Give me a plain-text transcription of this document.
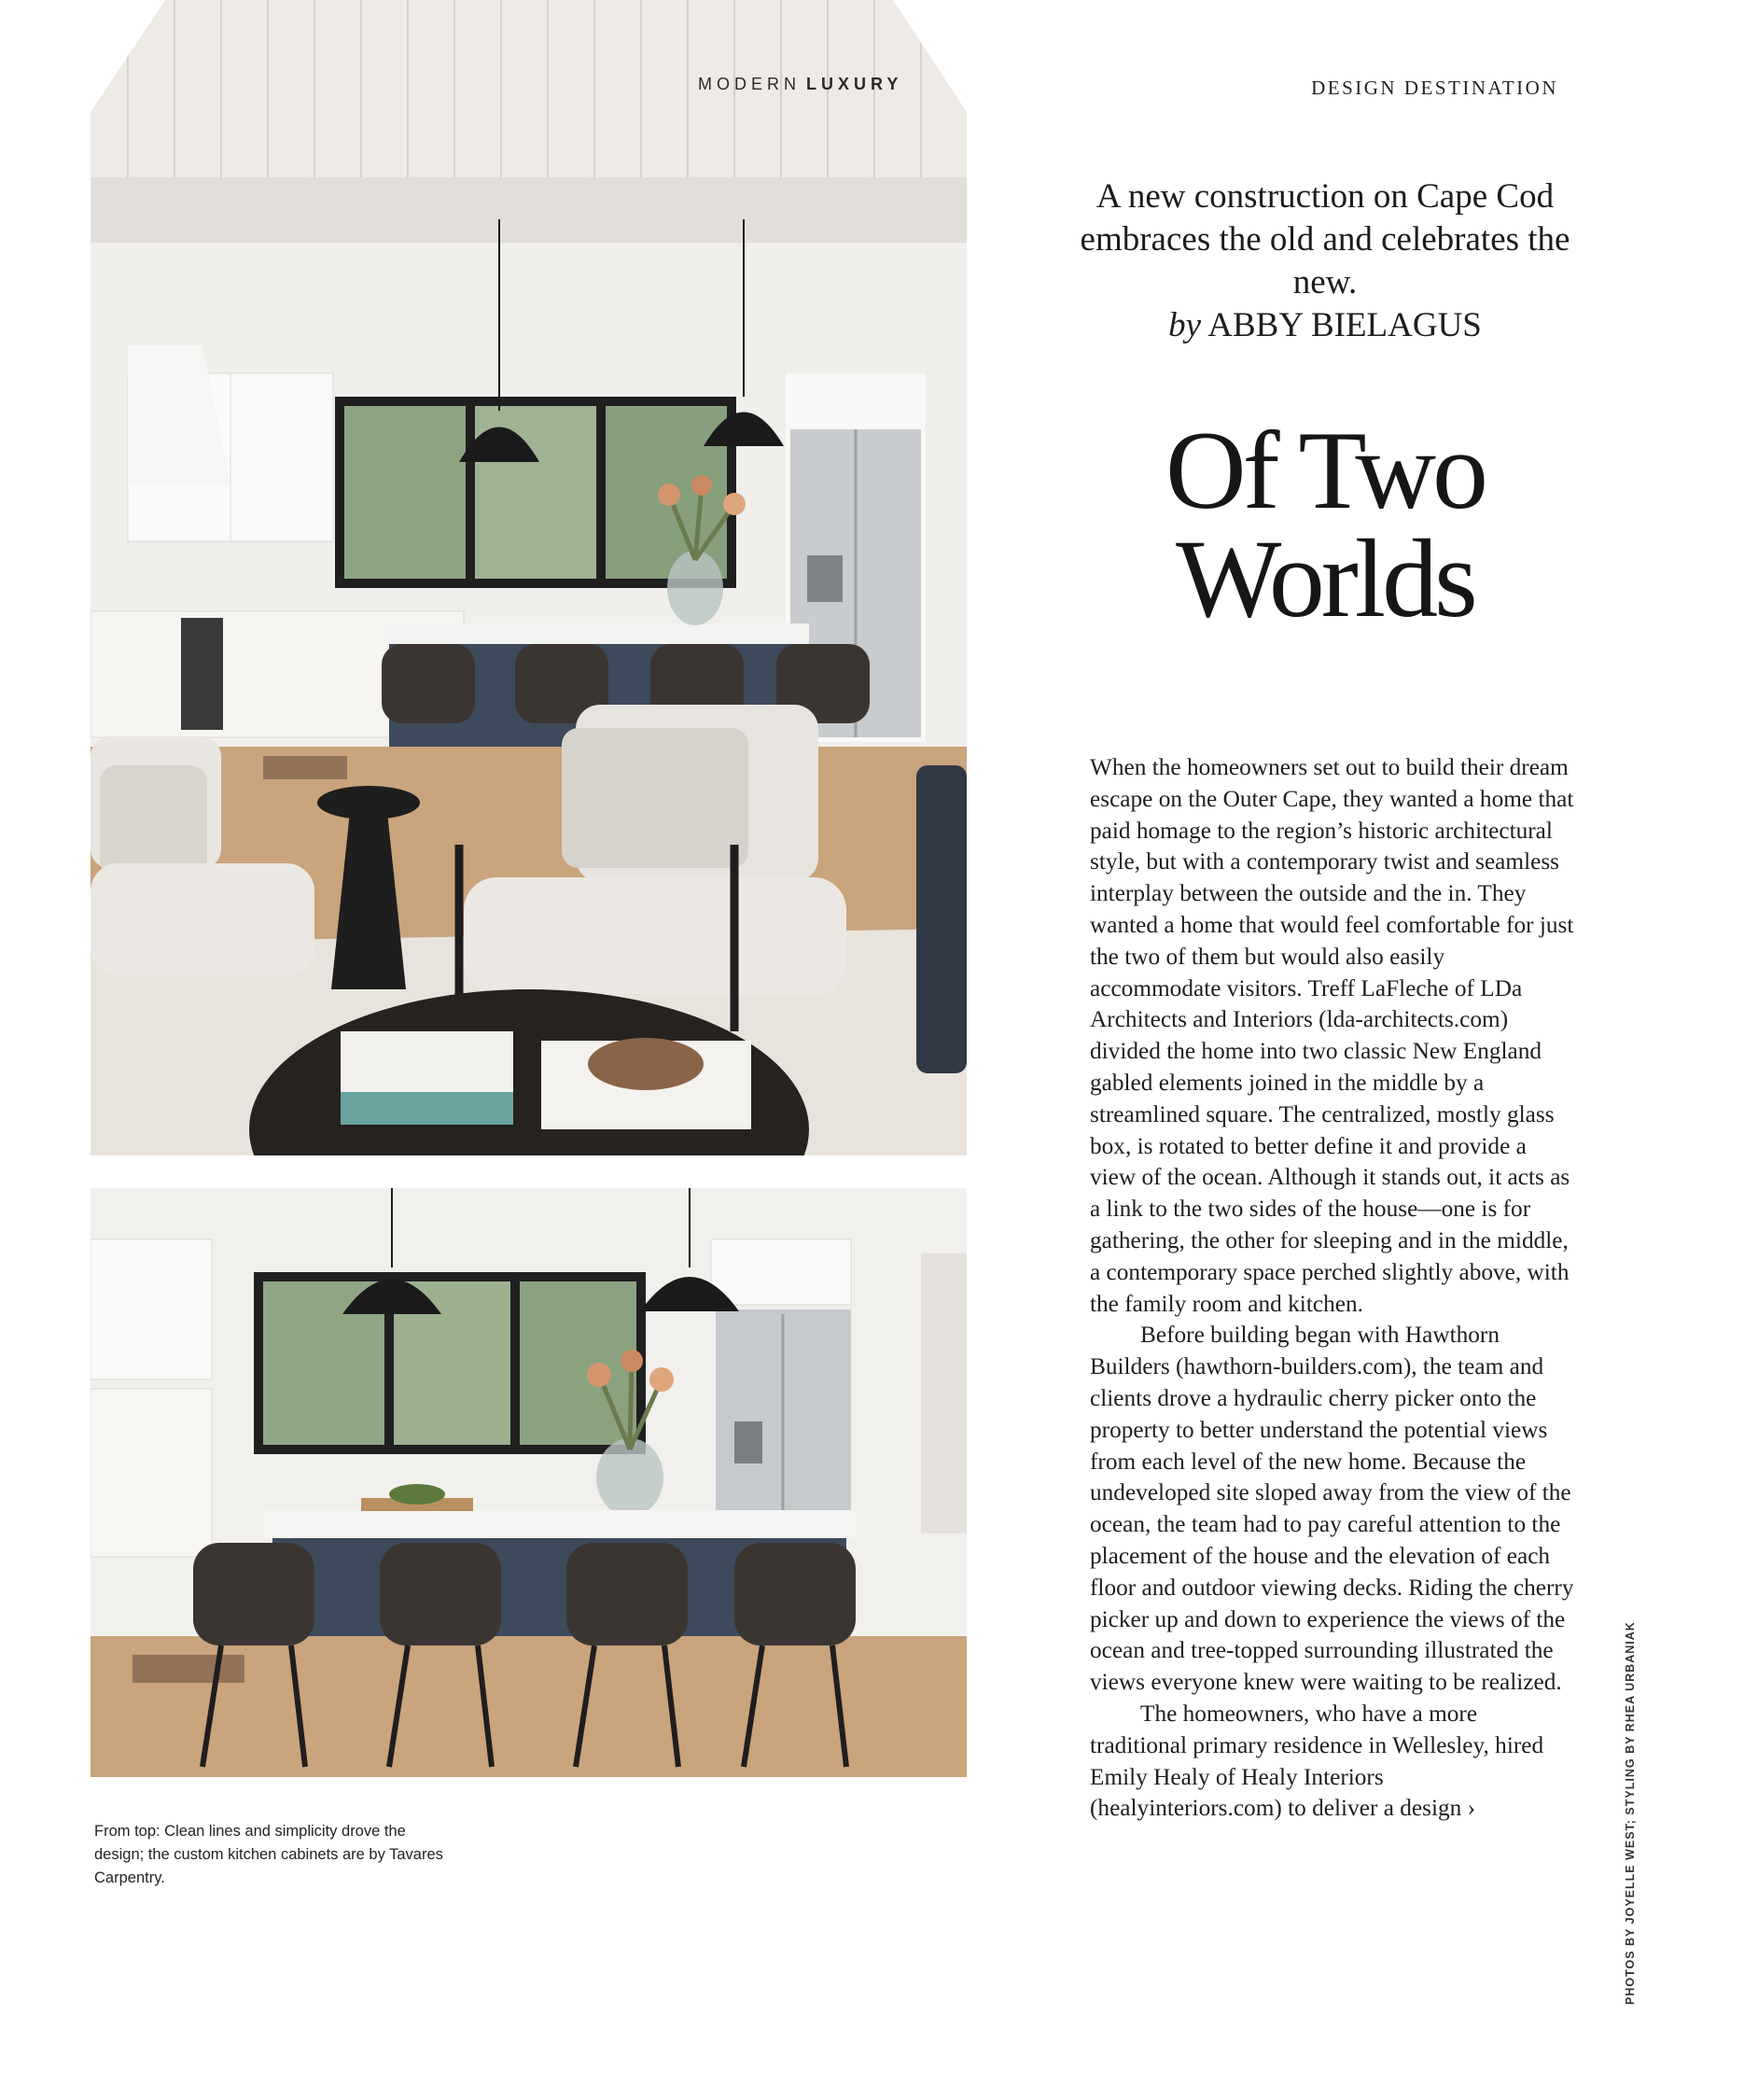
MODERN LUXURY	DESIGN DESTINATION
A new construction on Cape Cod embraces the old and celebrates the new.
by ABBY BIELAGUS
Of Two
Worlds

When the homeowners set out to build their dream escape on the Outer Cape, they wanted a home that paid homage to the region’s historic architectural style, but with a contemporary twist and seamless interplay between the outside and the in. They wanted a home that would feel comfortable for just the two of them but would also easily accommodate visitors. Treff LaFleche of LDa Architects and Interiors (lda-architects.com) divided the home into two classic New England gabled elements joined in the middle by a streamlined square. The centralized, mostly glass box, is rotated to better define it and provide a view of the ocean. Although it stands out, it acts as a link to the two sides of the house—one is for gathering, the other for sleeping and in the middle, a contemporary space perched slightly above, with the family room and kitchen.

Before building began with Hawthorn Builders (hawthorn-builders.com), the team and clients drove a hydraulic cherry picker onto the property to better understand the potential views from each level of the new home. Because the undeveloped site sloped away from the view of the ocean, the team had to pay careful attention to the placement of the house and the elevation of each floor and outdoor viewing decks. Riding the cherry picker up and down to experience the views of the ocean and tree-topped surrounding illustrated the views everyone knew were waiting to be realized.

The homeowners, who have a more traditional primary residence in Wellesley, hired Emily Healy of Healy Interiors (healyinteriors.com) to deliver a design ›

From top: Clean lines and simplicity drove the design; the custom kitchen cabinets are by Tavares Carpentry.	PHOTOS BY JOYELLE WEST; STYLING BY RHEA URBANIAK
